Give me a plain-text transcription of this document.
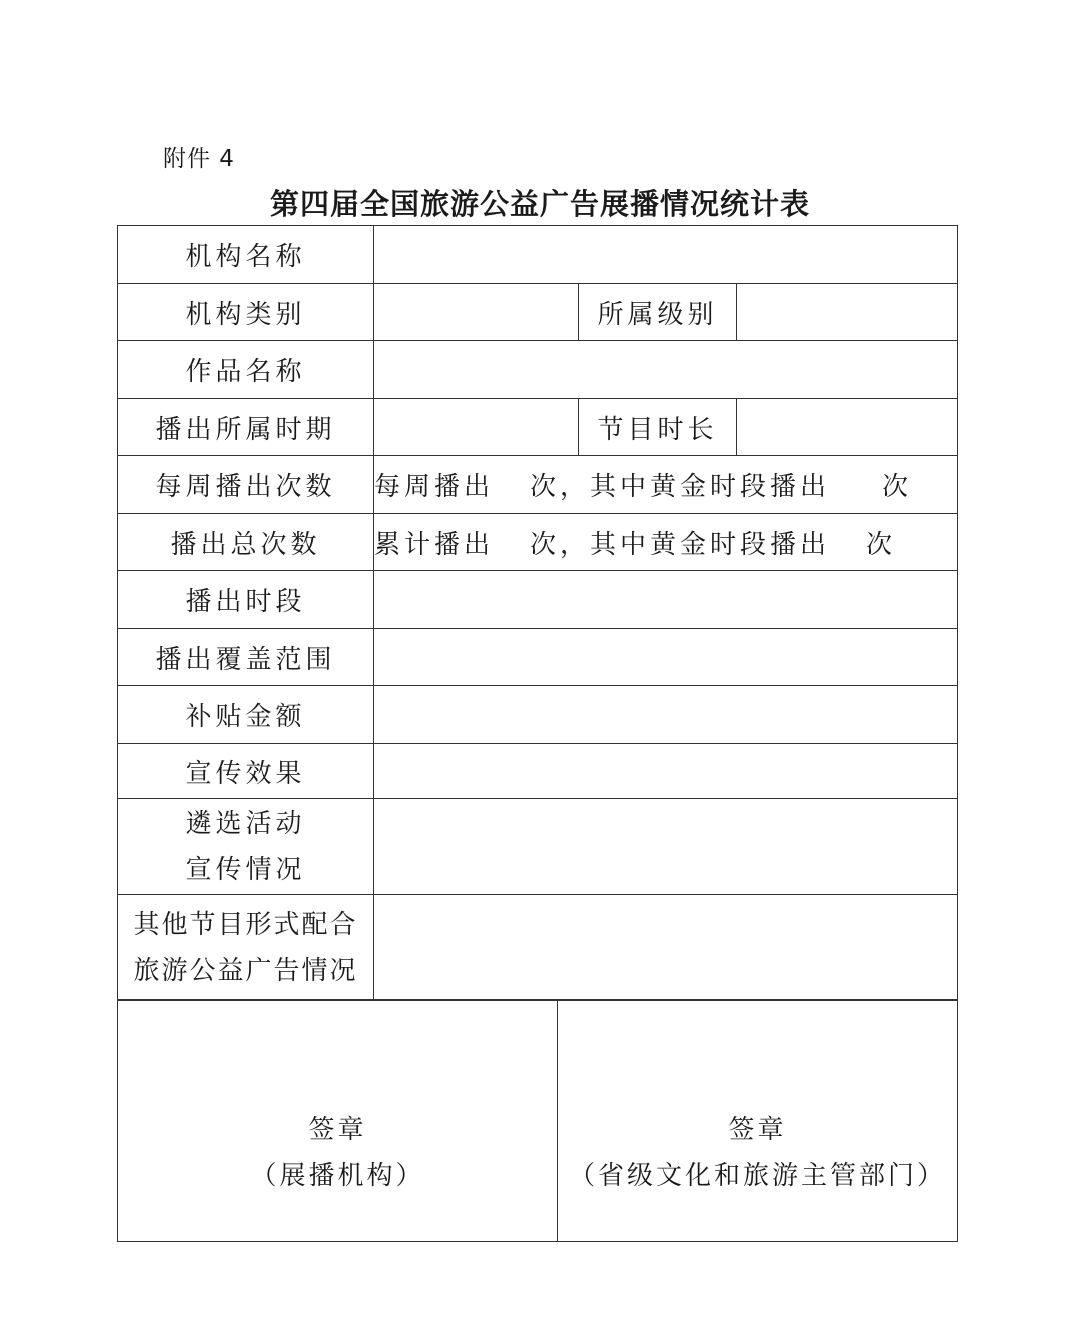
附件 4
第四届全国旅游公益广告展播情况统计表
机构名称			
机构类别		所属级别	
作品名称			
播出所属时期		节目时长	
每周播出次数	每周播出 次，其中黄金时段播出 次		
播出总次数	累计播出 次，其中黄金时段播出 次		
播出时段			
播出覆盖范围			
补贴金额			
宣传效果			

遴选活动
宣传情况			

其他节目形式配合
旅游公益广告情况			

签章
（展播机构）

签章
（省级文化和旅游主管部门）
